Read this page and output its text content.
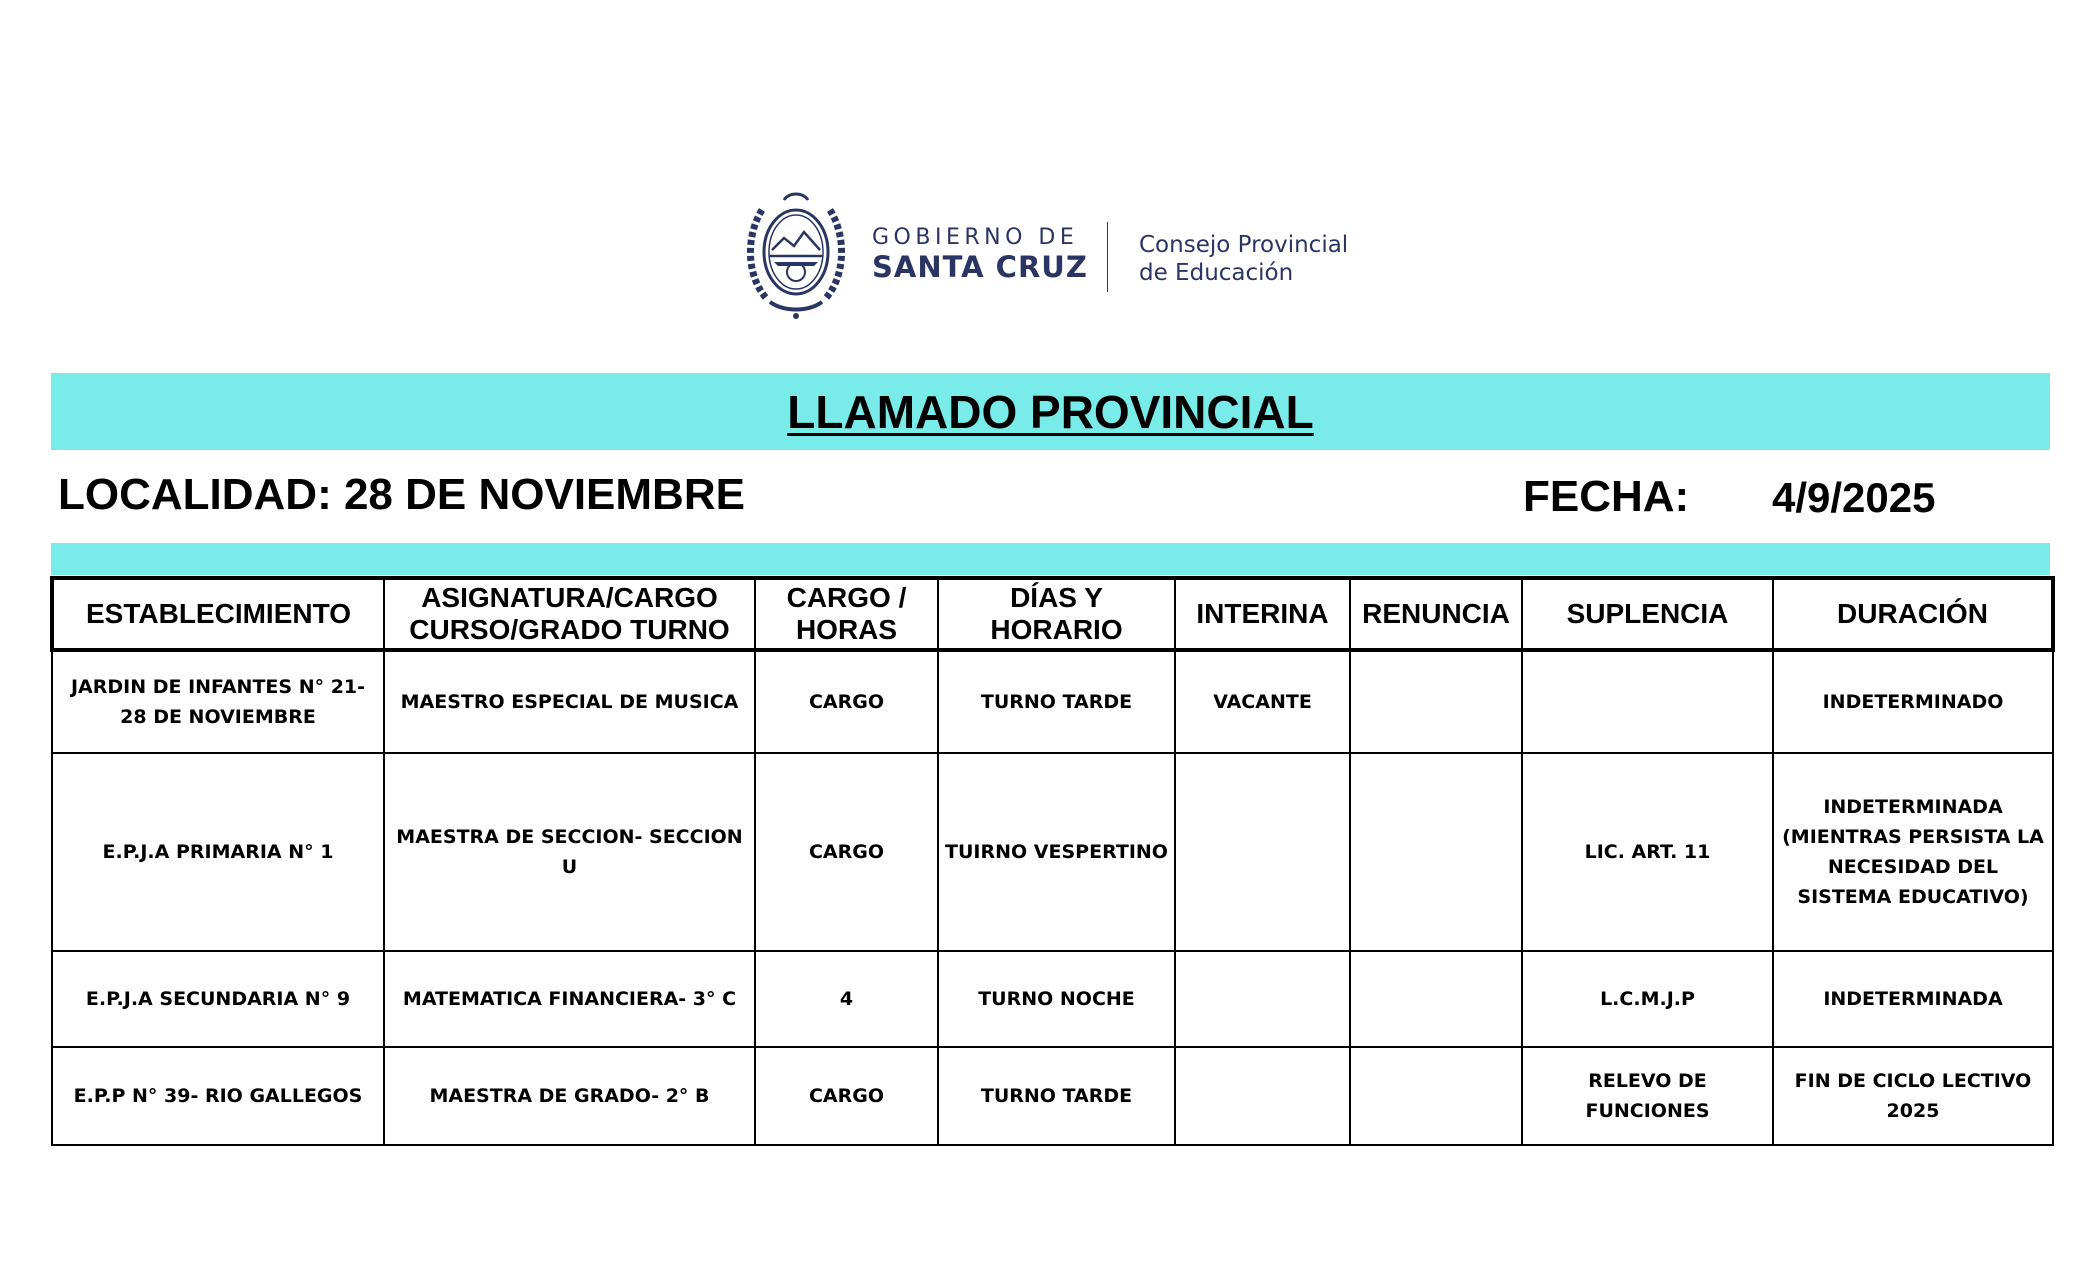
GOBIERNO DE
SANTA CRUZ
Consejo Provincial
de Educación
LLAMADO PROVINCIAL
LOCALIDAD: 28 DE NOVIEMBRE	FECHA: 4/9/2025
ESTABLECIMIENTO	ASIGNATURA/CARGO CURSO/GRADO TURNO	CARGO / HORAS	DÍAS Y HORARIO	INTERINA	RENUNCIA	SUPLENCIA	DURACIÓN
JARDIN DE INFANTES N° 21- 28 DE NOVIEMBRE	MAESTRO ESPECIAL DE MUSICA	CARGO	TURNO TARDE	VACANTE			INDETERMINADO
E.P.J.A PRIMARIA N° 1	MAESTRA DE SECCION- SECCION U	CARGO	TUIRNO VESPERTINO			LIC. ART. 11	INDETERMINADA (MIENTRAS PERSISTA LA NECESIDAD DEL SISTEMA EDUCATIVO)
E.P.J.A SECUNDARIA N° 9	MATEMATICA FINANCIERA- 3° C	4	TURNO NOCHE			L.C.M.J.P	INDETERMINADA
E.P.P N° 39- RIO GALLEGOS	MAESTRA DE GRADO- 2° B	CARGO	TURNO TARDE			RELEVO DE FUNCIONES	FIN DE CICLO LECTIVO 2025
